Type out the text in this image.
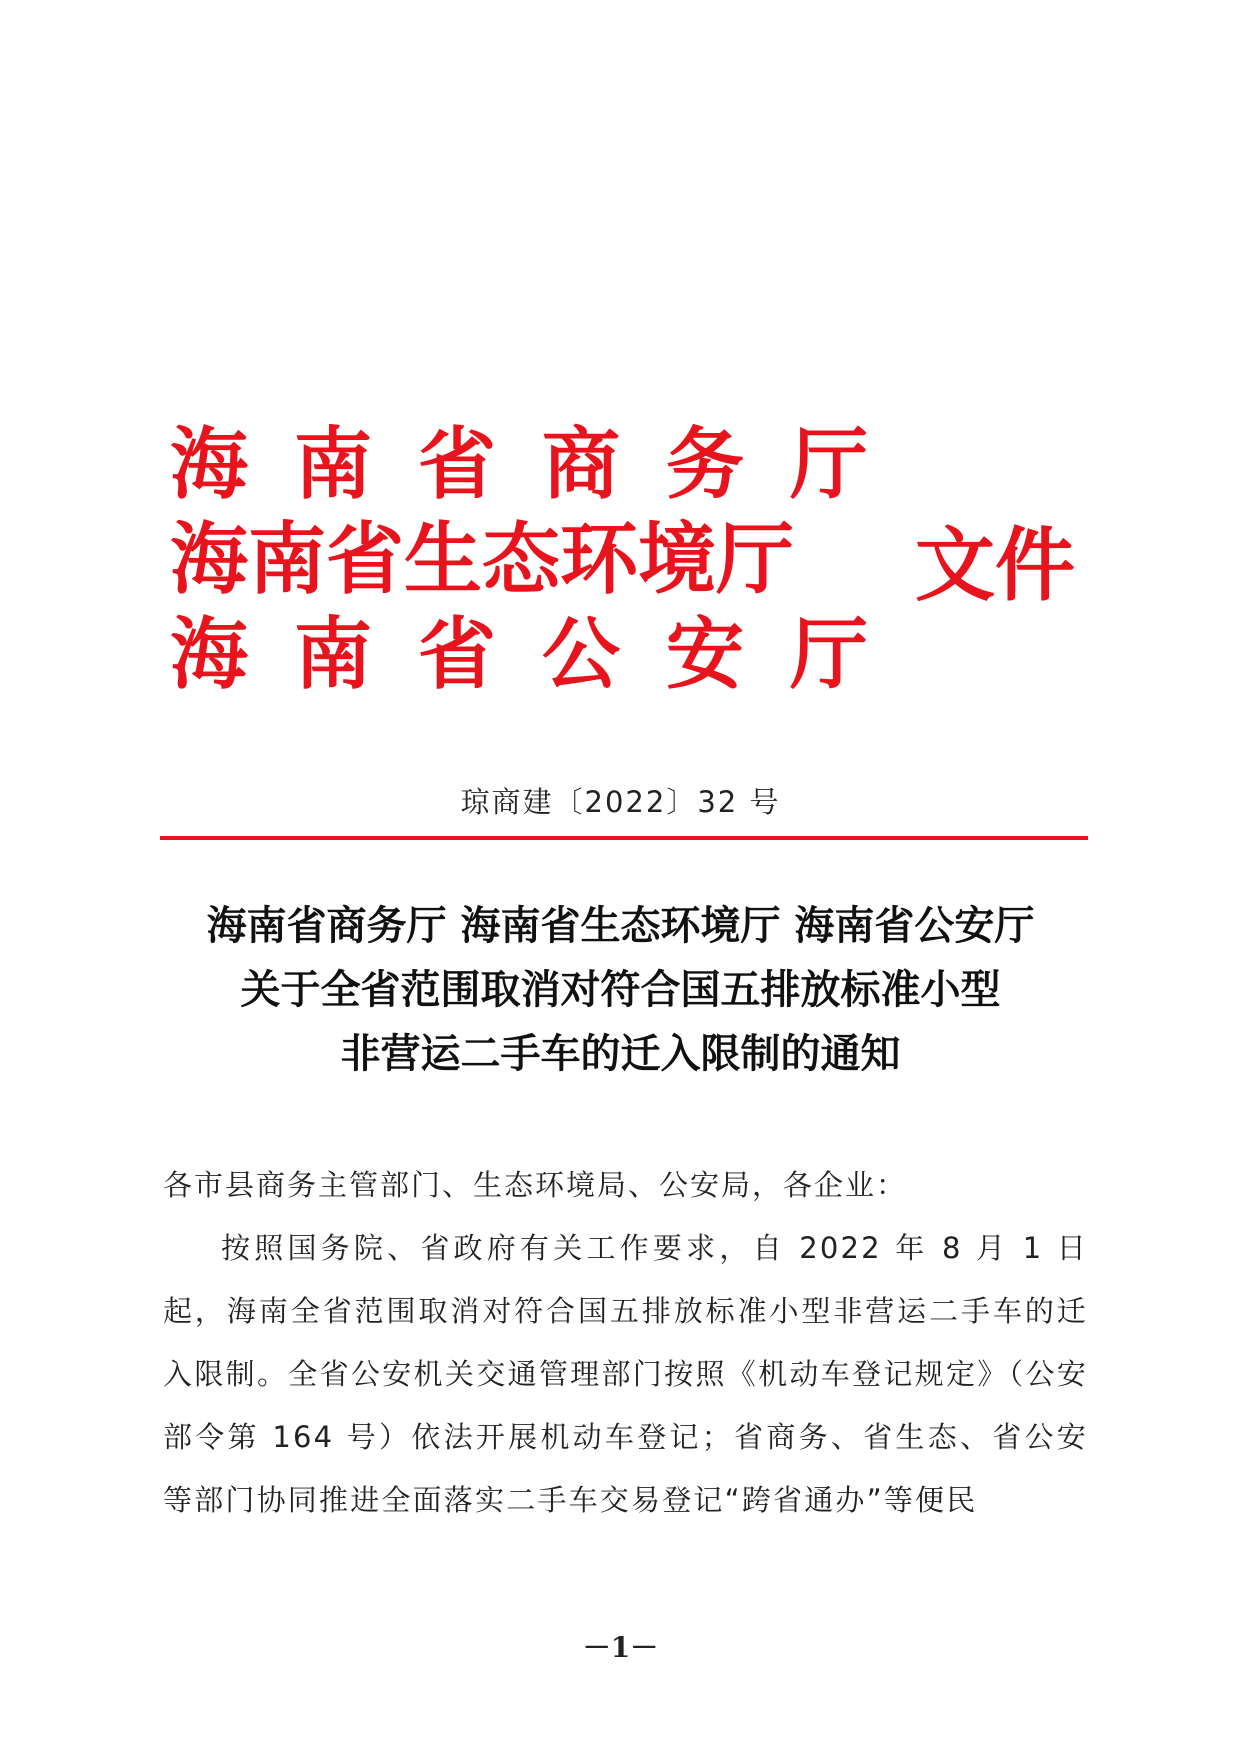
海南省商务厅
海南省生态环境厅
海南省公安厅
文件
琼商建〔2022〕32 号
海南省商务厅 海南省生态环境厅 海南省公安厅
关于全省范围取消对符合国五排放标准小型
非营运二手车的迁入限制的通知
各市县商务主管部门、生态环境局、公安局，各企业：
按照国务院、省政府有关工作要求，自 2022 年 8 月 1 日起，海南全省范围取消对符合国五排放标准小型非营运二手车的迁入限制。全省公安机关交通管理部门按照《机动车登记规定》（公安部令第 164 号）依法开展机动车登记；省商务、省生态、省公安等部门协同推进全面落实二手车交易登记“跨省通办”等便民
－1－
